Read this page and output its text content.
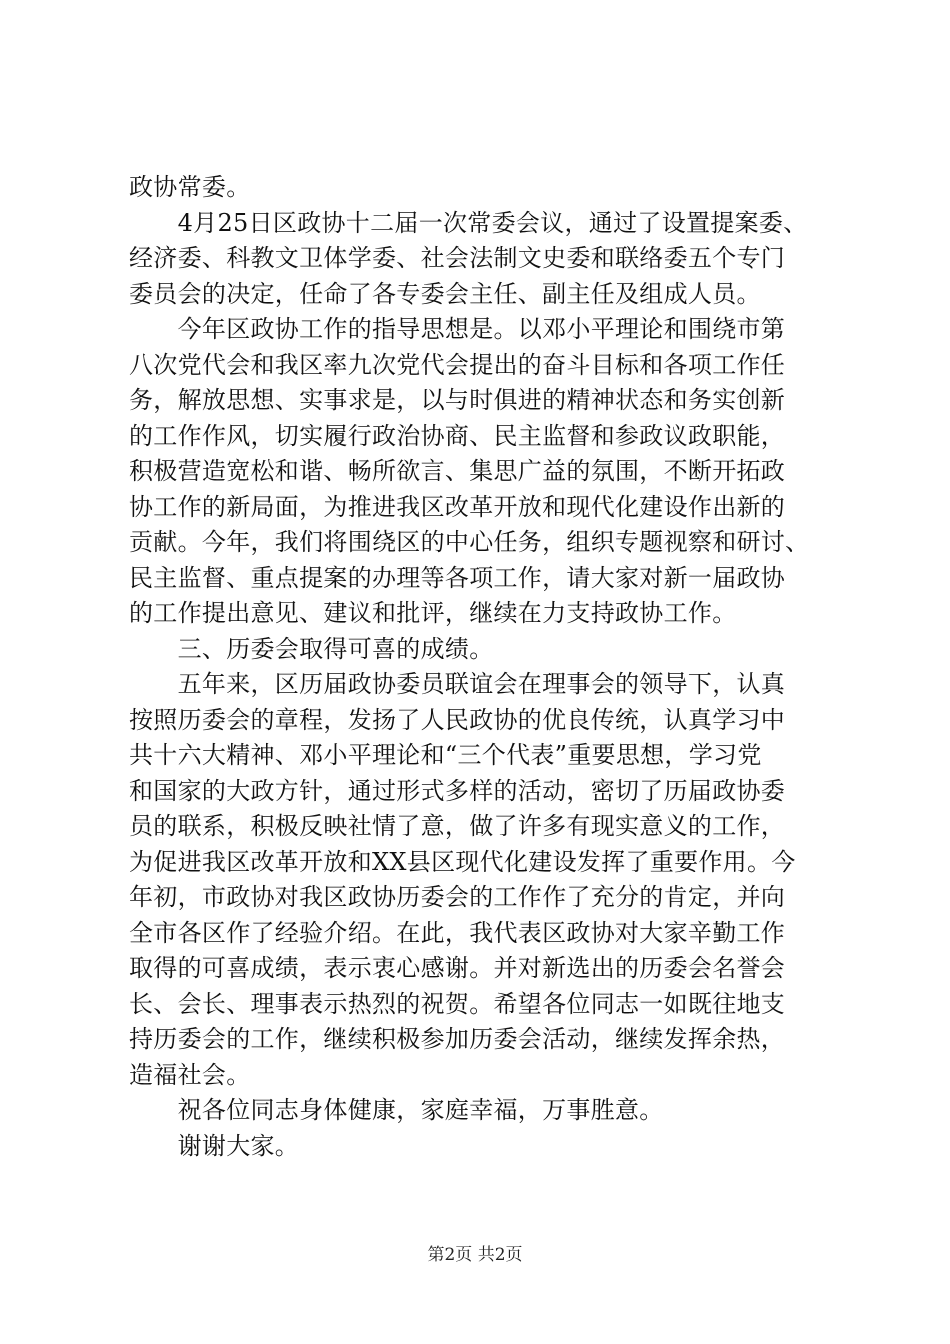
政协常委。
　　4月25日区政协十二届一次常委会议，通过了设置提案委、
经济委、科教文卫体学委、社会法制文史委和联络委五个专门
委员会的决定，任命了各专委会主任、副主任及组成人员。
　　今年区政协工作的指导思想是。以邓小平理论和围绕市第
八次党代会和我区率九次党代会提出的奋斗目标和各项工作任
务，解放思想、实事求是，以与时俱进的精神状态和务实创新
的工作作风，切实履行政治协商、民主监督和参政议政职能，
积极营造宽松和谐、畅所欲言、集思广益的氛围，不断开拓政
协工作的新局面，为推进我区改革开放和现代化建设作出新的
贡献。今年，我们将围绕区的中心任务，组织专题视察和研讨、
民主监督、重点提案的办理等各项工作，请大家对新一届政协
的工作提出意见、建议和批评，继续在力支持政协工作。
　　三、历委会取得可喜的成绩。
　　五年来，区历届政协委员联谊会在理事会的领导下，认真
按照历委会的章程，发扬了人民政协的优良传统，认真学习中
共十六大精神、邓小平理论和“三个代表”重要思想，学习党
和国家的大政方针，通过形式多样的活动，密切了历届政协委
员的联系，积极反映社情了意，做了许多有现实意义的工作，
为促进我区改革开放和XX县区现代化建设发挥了重要作用。今
年初，市政协对我区政协历委会的工作作了充分的肯定，并向
全市各区作了经验介绍。在此，我代表区政协对大家辛勤工作
取得的可喜成绩，表示衷心感谢。并对新选出的历委会名誉会
长、会长、理事表示热烈的祝贺。希望各位同志一如既往地支
持历委会的工作，继续积极参加历委会活动，继续发挥余热，
造福社会。
　　祝各位同志身体健康，家庭幸福，万事胜意。
　　谢谢大家。
第2页 共2页
